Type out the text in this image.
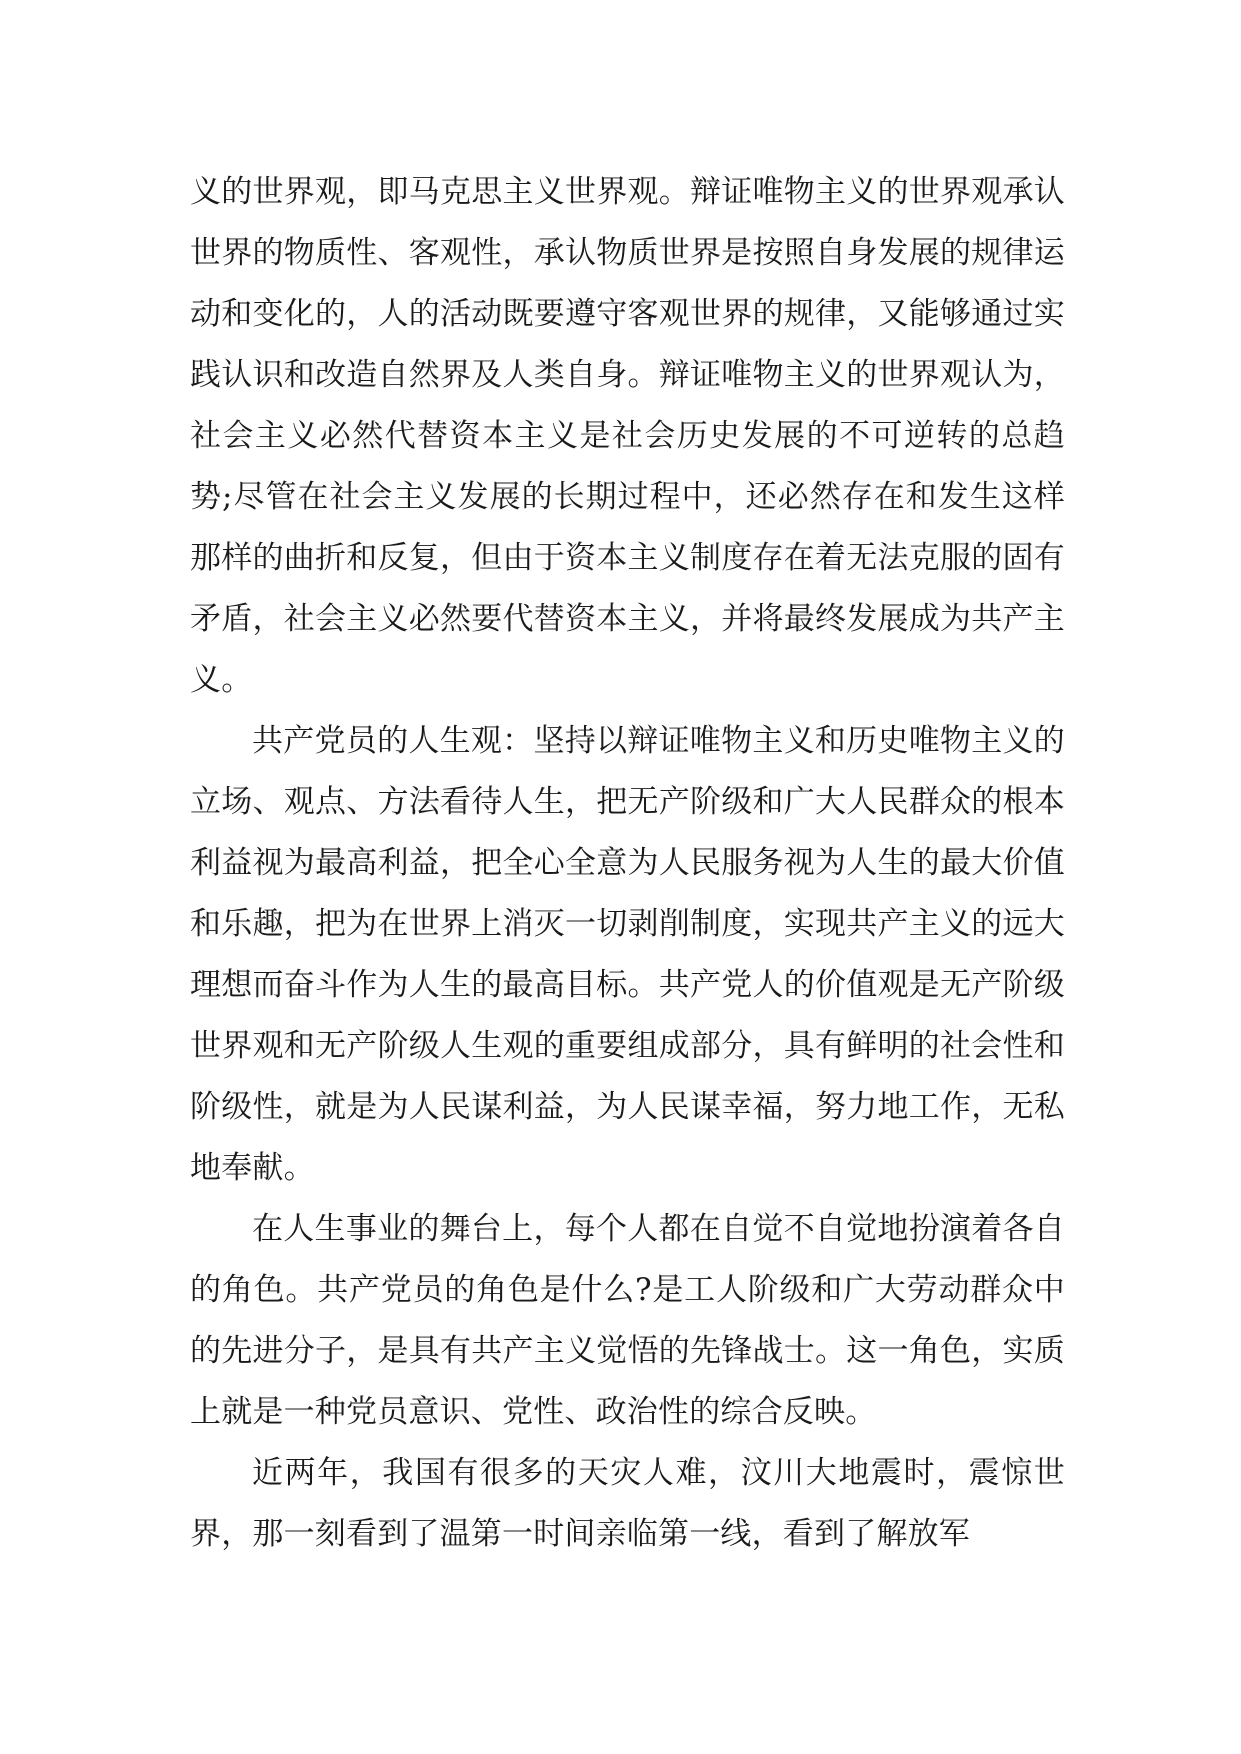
义的世界观，即马克思主义世界观。辩证唯物主义的世界观承认世界的物质性、客观性，承认物质世界是按照自身发展的规律运动和变化的，人的活动既要遵守客观世界的规律，又能够通过实践认识和改造自然界及人类自身。辩证唯物主义的世界观认为，社会主义必然代替资本主义是社会历史发展的不可逆转的总趋势;尽管在社会主义发展的长期过程中，还必然存在和发生这样那样的曲折和反复，但由于资本主义制度存在着无法克服的固有矛盾，社会主义必然要代替资本主义，并将最终发展成为共产主义。

共产党员的人生观：坚持以辩证唯物主义和历史唯物主义的立场、观点、方法看待人生，把无产阶级和广大人民群众的根本利益视为最高利益，把全心全意为人民服务视为人生的最大价值和乐趣，把为在世界上消灭一切剥削制度，实现共产主义的远大理想而奋斗作为人生的最高目标。共产党人的价值观是无产阶级世界观和无产阶级人生观的重要组成部分，具有鲜明的社会性和阶级性，就是为人民谋利益，为人民谋幸福，努力地工作，无私地奉献。

在人生事业的舞台上，每个人都在自觉不自觉地扮演着各自的角色。共产党员的角色是什么?是工人阶级和广大劳动群众中的先进分子，是具有共产主义觉悟的先锋战士。这一角色，实质上就是一种党员意识、党性、政治性的综合反映。

近两年，我国有很多的天灾人难，汶川大地震时，震惊世界，那一刻看到了温第一时间亲临第一线，看到了解放军
